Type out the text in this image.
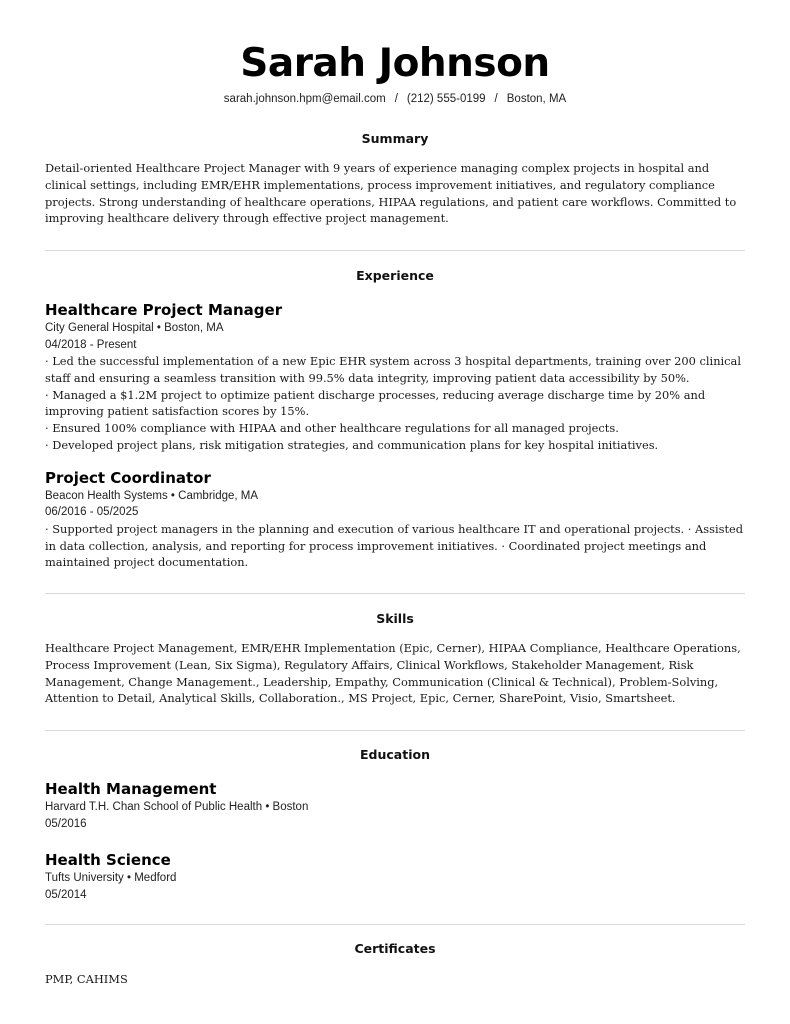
Sarah Johnson
sarah.johnson.hpm@email.com / (212) 555-0199 / Boston, MA
Summary
Detail-oriented Healthcare Project Manager with 9 years of experience managing complex projects in hospital and clinical settings, including EMR/EHR implementations, process improvement initiatives, and regulatory compliance projects. Strong understanding of healthcare operations, HIPAA regulations, and patient care workflows. Committed to improving healthcare delivery through effective project management.
Experience
Healthcare Project Manager
City General Hospital • Boston, MA
04/2018 - Present
· Led the successful implementation of a new Epic EHR system across 3 hospital departments, training over 200 clinical staff and ensuring a seamless transition with 99.5% data integrity, improving patient data accessibility by 50%.
· Managed a $1.2M project to optimize patient discharge processes, reducing average discharge time by 20% and improving patient satisfaction scores by 15%.
· Ensured 100% compliance with HIPAA and other healthcare regulations for all managed projects.
· Developed project plans, risk mitigation strategies, and communication plans for key hospital initiatives.
Project Coordinator
Beacon Health Systems • Cambridge, MA
06/2016 - 05/2025
· Supported project managers in the planning and execution of various healthcare IT and operational projects. · Assisted in data collection, analysis, and reporting for process improvement initiatives. · Coordinated project meetings and maintained project documentation.
Skills
Healthcare Project Management, EMR/EHR Implementation (Epic, Cerner), HIPAA Compliance, Healthcare Operations, Process Improvement (Lean, Six Sigma), Regulatory Affairs, Clinical Workflows, Stakeholder Management, Risk Management, Change Management., Leadership, Empathy, Communication (Clinical & Technical), Problem-Solving, Attention to Detail, Analytical Skills, Collaboration., MS Project, Epic, Cerner, SharePoint, Visio, Smartsheet.
Education
Health Management
Harvard T.H. Chan School of Public Health • Boston
05/2016
Health Science
Tufts University • Medford
05/2014
Certificates
PMP, CAHIMS
